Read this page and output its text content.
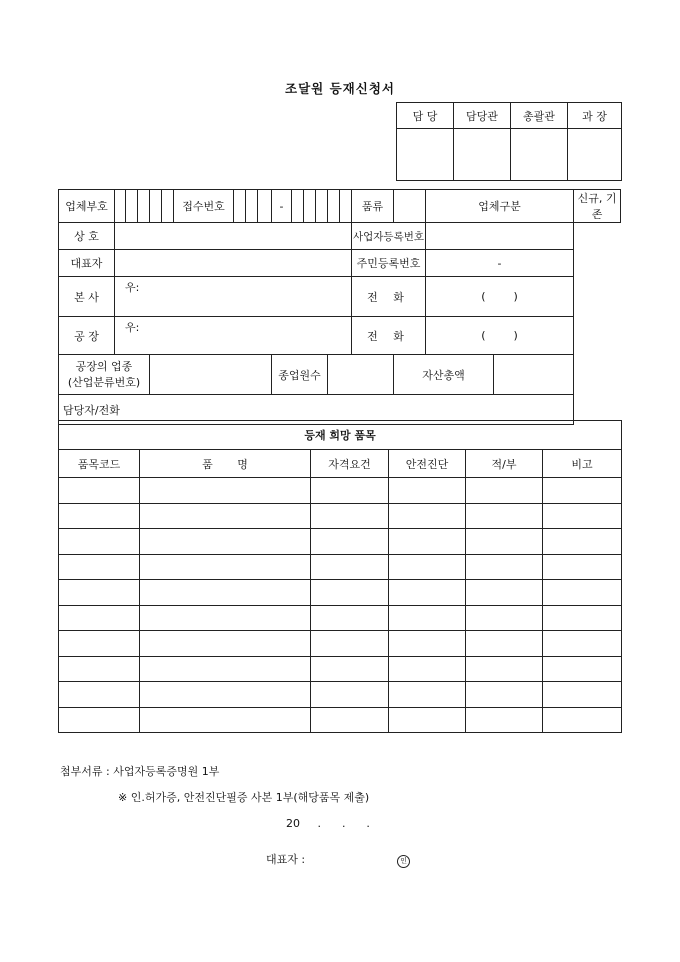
조달원 등재신청서
담 당	담당관	총괄관	과 장

업체부호						접수번호				-						품류		업체구분		신규, 기존
상 호																사업자등록번호				
대표자																주민등록번호		-		
본 사	우:															전 화		(        )		
공 장	우:															전 화		(        )		

공장의 업종
(산업분류번호)										종업원수							자산총액			
담당자/전화																				
등재 희망 품목					
품목코드	품       명	자격요건	안전진단	적/부	비고

첨부서류 : 사업자등록증명원 1부
※ 인.허가증, 안전진단필증 사본 1부(해당품목 제출)
20     .      .      .
대표자 :	인
